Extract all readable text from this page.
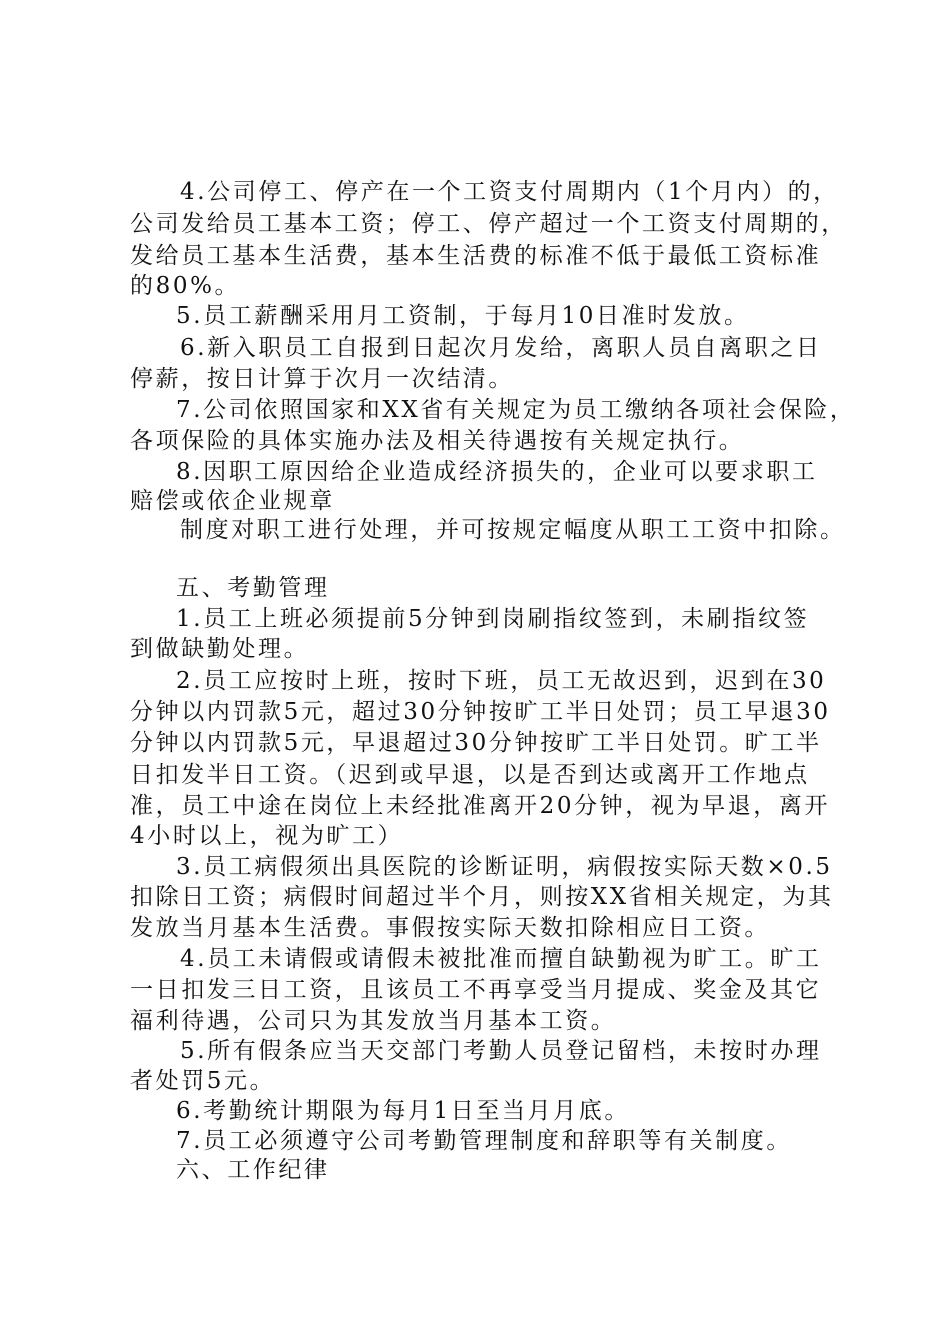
4.公司停工、停产在一个工资支付周期内（1个月内）的，
公司发给员工基本工资；停工、停产超过一个工资支付周期的，
发给员工基本生活费，基本生活费的标准不低于最低工资标准
的80%。
5.员工薪酬采用月工资制，于每月10日准时发放。
6.新入职员工自报到日起次月发给，离职人员自离职之日
停薪，按日计算于次月一次结清。
7.公司依照国家和XX省有关规定为员工缴纳各项社会保险，
各项保险的具体实施办法及相关待遇按有关规定执行。
8.因职工原因给企业造成经济损失的，企业可以要求职工
赔偿或依企业规章
制度对职工进行处理，并可按规定幅度从职工工资中扣除。
五、考勤管理
1.员工上班必须提前5分钟到岗刷指纹签到，未刷指纹签
到做缺勤处理。
2.员工应按时上班，按时下班，员工无故迟到，迟到在30
分钟以内罚款5元，超过30分钟按旷工半日处罚；员工早退30
分钟以内罚款5元，早退超过30分钟按旷工半日处罚。旷工半
日扣发半日工资。（迟到或早退，以是否到达或离开工作地点
准，员工中途在岗位上未经批准离开20分钟，视为早退，离开
4小时以上，视为旷工）
3.员工病假须出具医院的诊断证明，病假按实际天数×0.5
扣除日工资；病假时间超过半个月，则按XX省相关规定，为其
发放当月基本生活费。事假按实际天数扣除相应日工资。
4.员工未请假或请假未被批准而擅自缺勤视为旷工。旷工
一日扣发三日工资，且该员工不再享受当月提成、奖金及其它
福利待遇，公司只为其发放当月基本工资。
5.所有假条应当天交部门考勤人员登记留档，未按时办理
者处罚5元。
6.考勤统计期限为每月1日至当月月底。
7.员工必须遵守公司考勤管理制度和辞职等有关制度。
六、工作纪律
